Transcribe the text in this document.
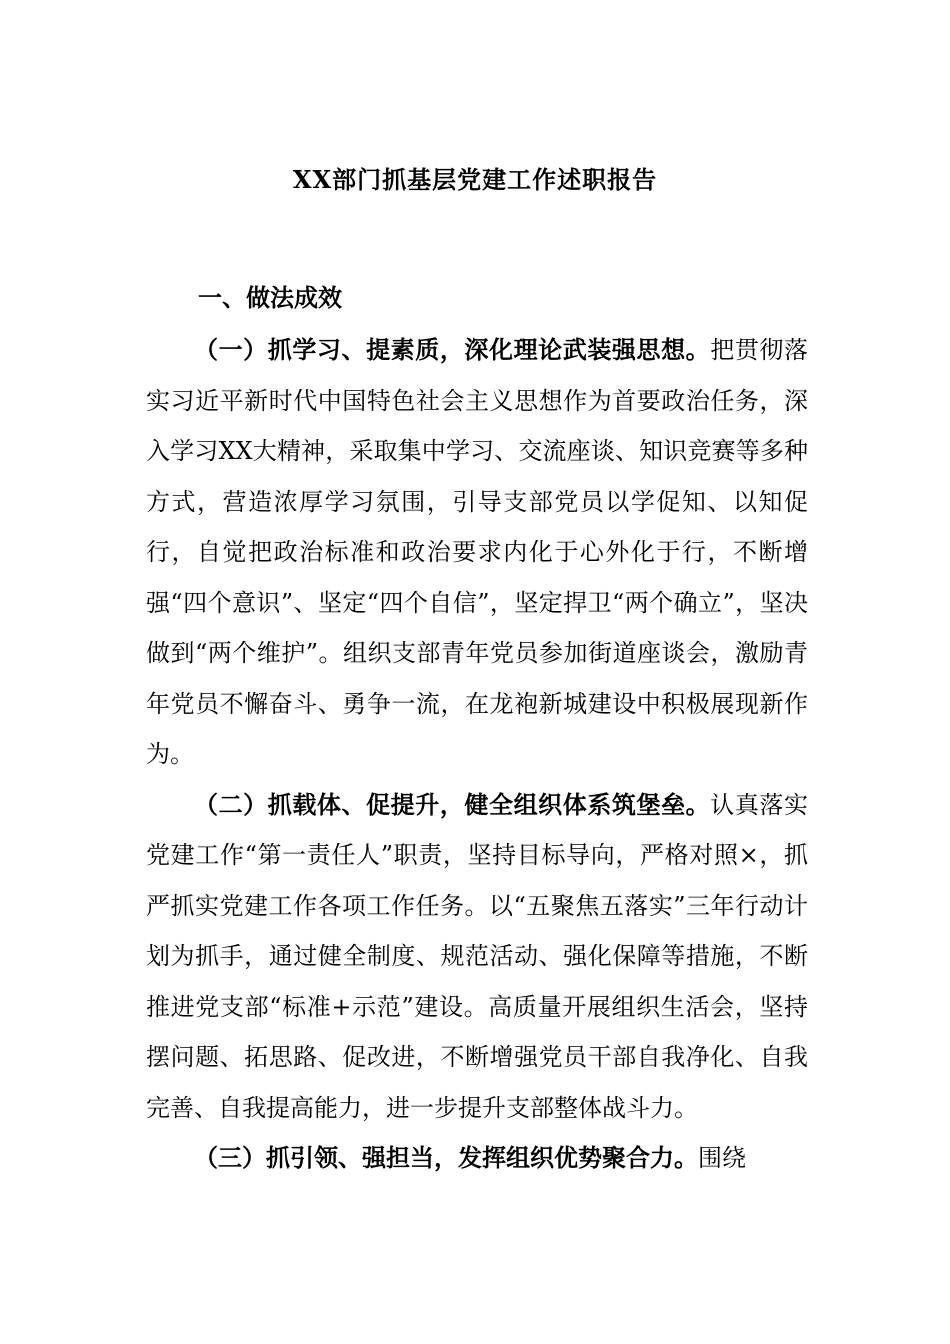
XX部门抓基层党建工作述职报告
一、做法成效

（一）抓学习、提素质，深化理论武装强思想。把贯彻落实习近平新时代中国特色社会主义思想作为首要政治任务，深入学习XX大精神，采取集中学习、交流座谈、知识竞赛等多种方式，营造浓厚学习氛围，引导支部党员以学促知、以知促行，自觉把政治标准和政治要求内化于心外化于行，不断增强“四个意识”、坚定“四个自信”，坚定捍卫“两个确立”，坚决做到“两个维护”。组织支部青年党员参加街道座谈会，激励青年党员不懈奋斗、勇争一流，在龙袍新城建设中积极展现新作为。

（二）抓载体、促提升，健全组织体系筑堡垒。认真落实党建工作“第一责任人”职责，坚持目标导向，严格对照×，抓严抓实党建工作各项工作任务。以“五聚焦五落实”三年行动计划为抓手，通过健全制度、规范活动、强化保障等措施，不断推进党支部“标准+示范”建设。高质量开展组织生活会，坚持摆问题、拓思路、促改进，不断增强党员干部自我净化、自我完善、自我提高能力，进一步提升支部整体战斗力。

（三）抓引领、强担当，发挥组织优势聚合力。围绕
